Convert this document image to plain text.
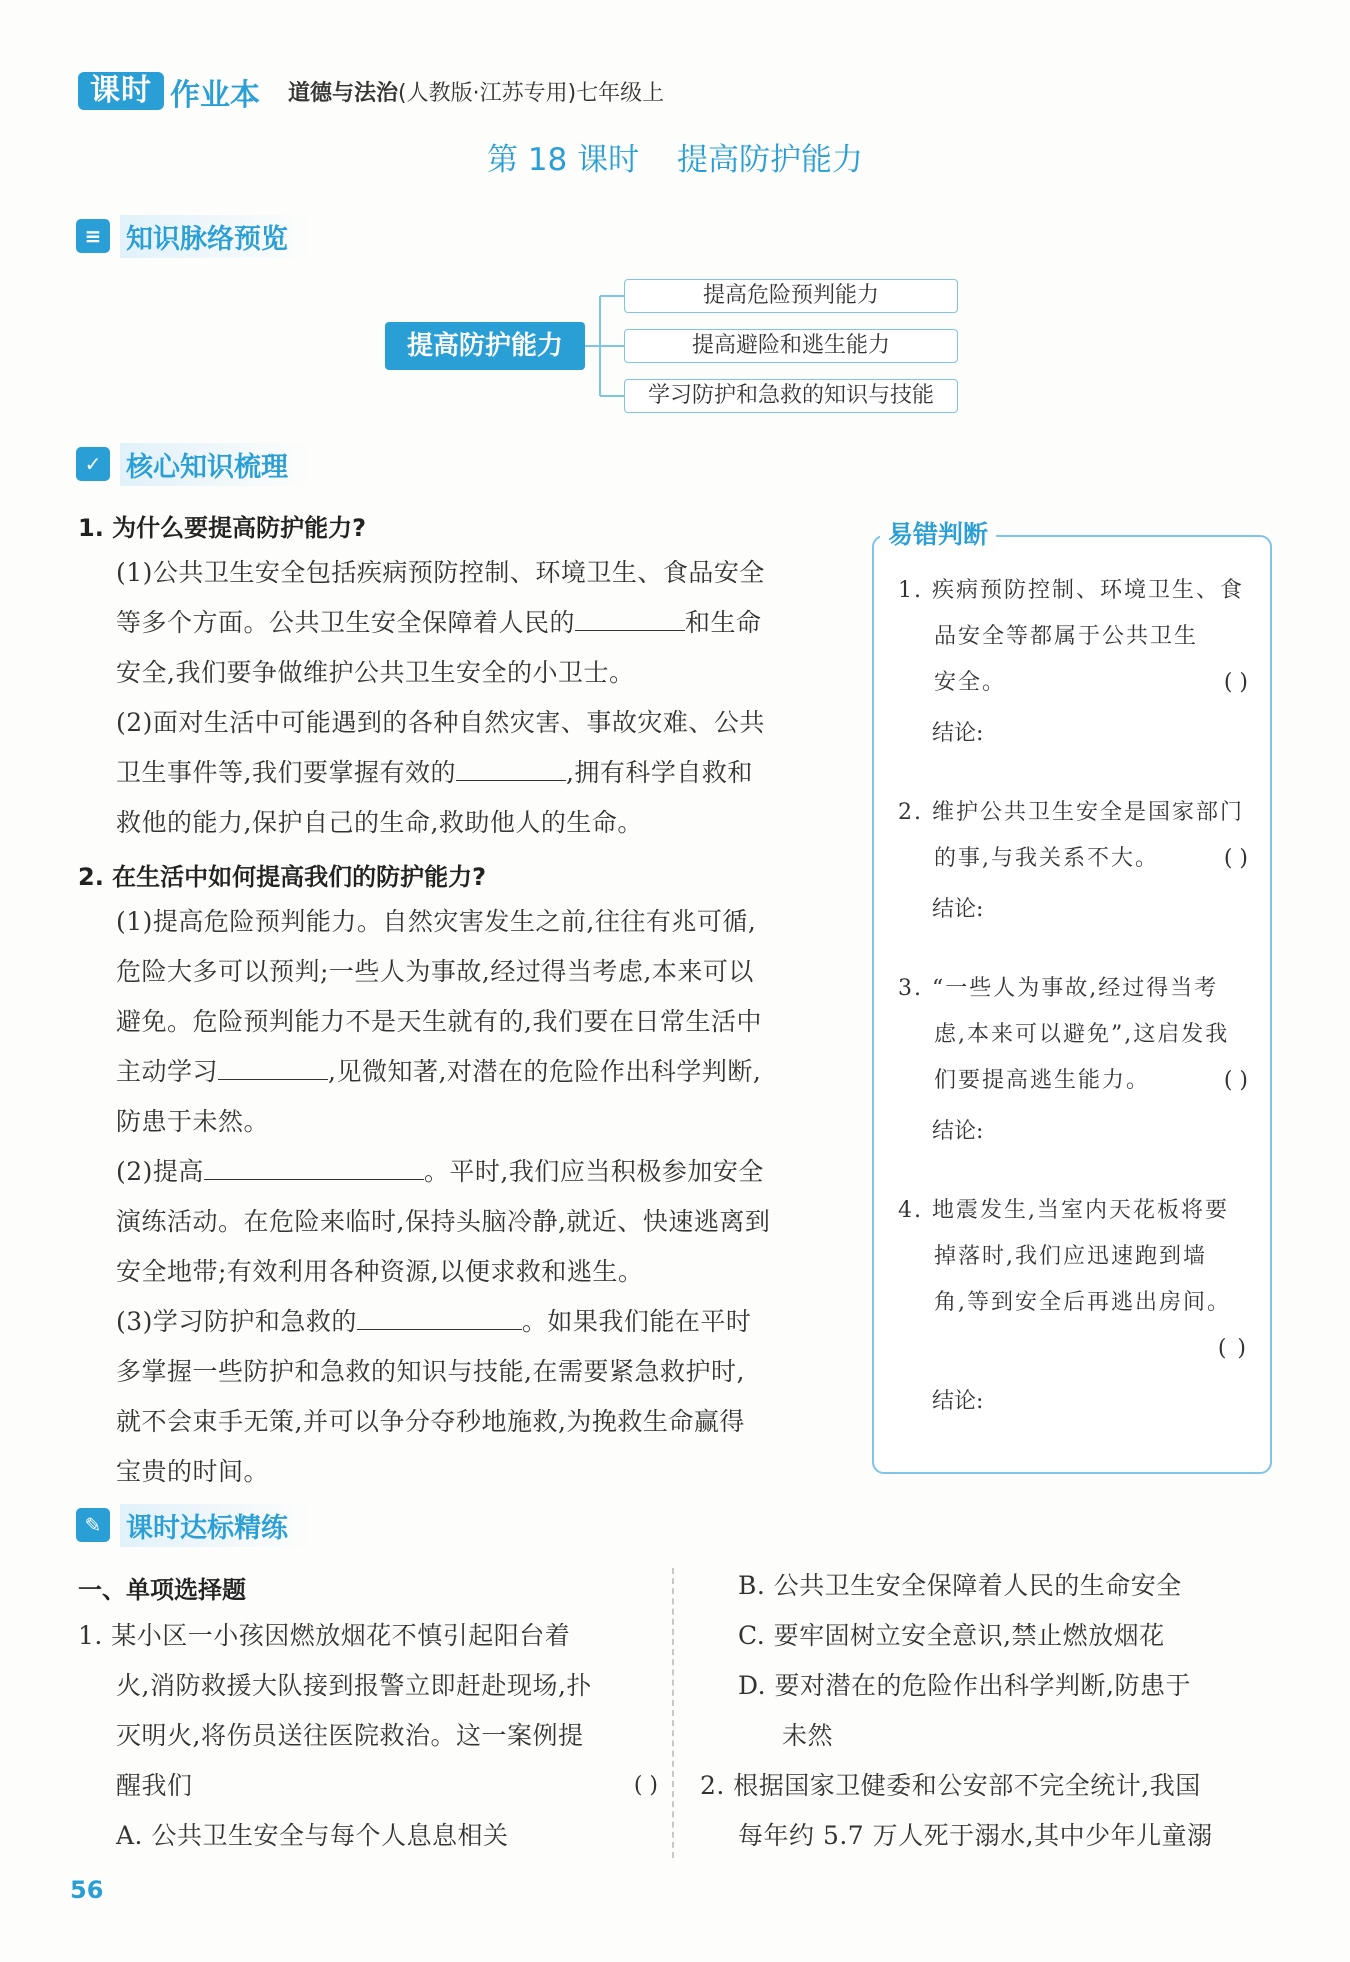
课时 作业本 道德与法治(人教版·江苏专用)七年级上
第 18 课时 提高防护能力
≡ 知识脉络预览
提高防护能力
提高危险预判能力
提高避险和逃生能力
学习防护和急救的知识与技能
✓ 核心知识梳理
1. 为什么要提高防护能力?
(1)公共卫生安全包括疾病预防控制、环境卫生、食品安全
等多个方面。公共卫生安全保障着人民的	和生命
安全,我们要争做维护公共卫生安全的小卫士。
(2)面对生活中可能遇到的各种自然灾害、事故灾难、公共
卫生事件等,我们要掌握有效的	,拥有科学自救和
救他的能力,保护自己的生命,救助他人的生命。
2. 在生活中如何提高我们的防护能力?
(1)提高危险预判能力。自然灾害发生之前,往往有兆可循,
危险大多可以预判;一些人为事故,经过得当考虑,本来可以
避免。危险预判能力不是天生就有的,我们要在日常生活中
主动学习	,见微知著,对潜在的危险作出科学判断,
防患于未然。
(2)提高	。平时,我们应当积极参加安全
演练活动。在危险来临时,保持头脑冷静,就近、快速逃离到
安全地带;有效利用各种资源,以便求救和逃生。
(3)学习防护和急救的	。如果我们能在平时
多掌握一些防护和急救的知识与技能,在需要紧急救护时,
就不会束手无策,并可以争分夺秒地施救,为挽救生命赢得
宝贵的时间。
易错判断
1. 疾病预防控制、环境卫生、食
品安全等都属于公共卫生
安全。	( )
结论:
2. 维护公共卫生安全是国家部门
的事,与我关系不大。	( )
结论:
3. “一些人为事故,经过得当考
虑,本来可以避免”,这启发我
们要提高逃生能力。	( )
结论:
4. 地震发生,当室内天花板将要
掉落时,我们应迅速跑到墙
角,等到安全后再逃出房间。
( )
结论:
✎ 课时达标精练
一、单项选择题
1. 某小区一小孩因燃放烟花不慎引起阳台着
火,消防救援大队接到报警立即赶赴现场,扑
灭明火,将伤员送往医院救治。这一案例提
醒我们	( )
A. 公共卫生安全与每个人息息相关
B. 公共卫生安全保障着人民的生命安全
C. 要牢固树立安全意识,禁止燃放烟花
D. 要对潜在的危险作出科学判断,防患于
未然
2. 根据国家卫健委和公安部不完全统计,我国
每年约 5.7 万人死于溺水,其中少年儿童溺
56
